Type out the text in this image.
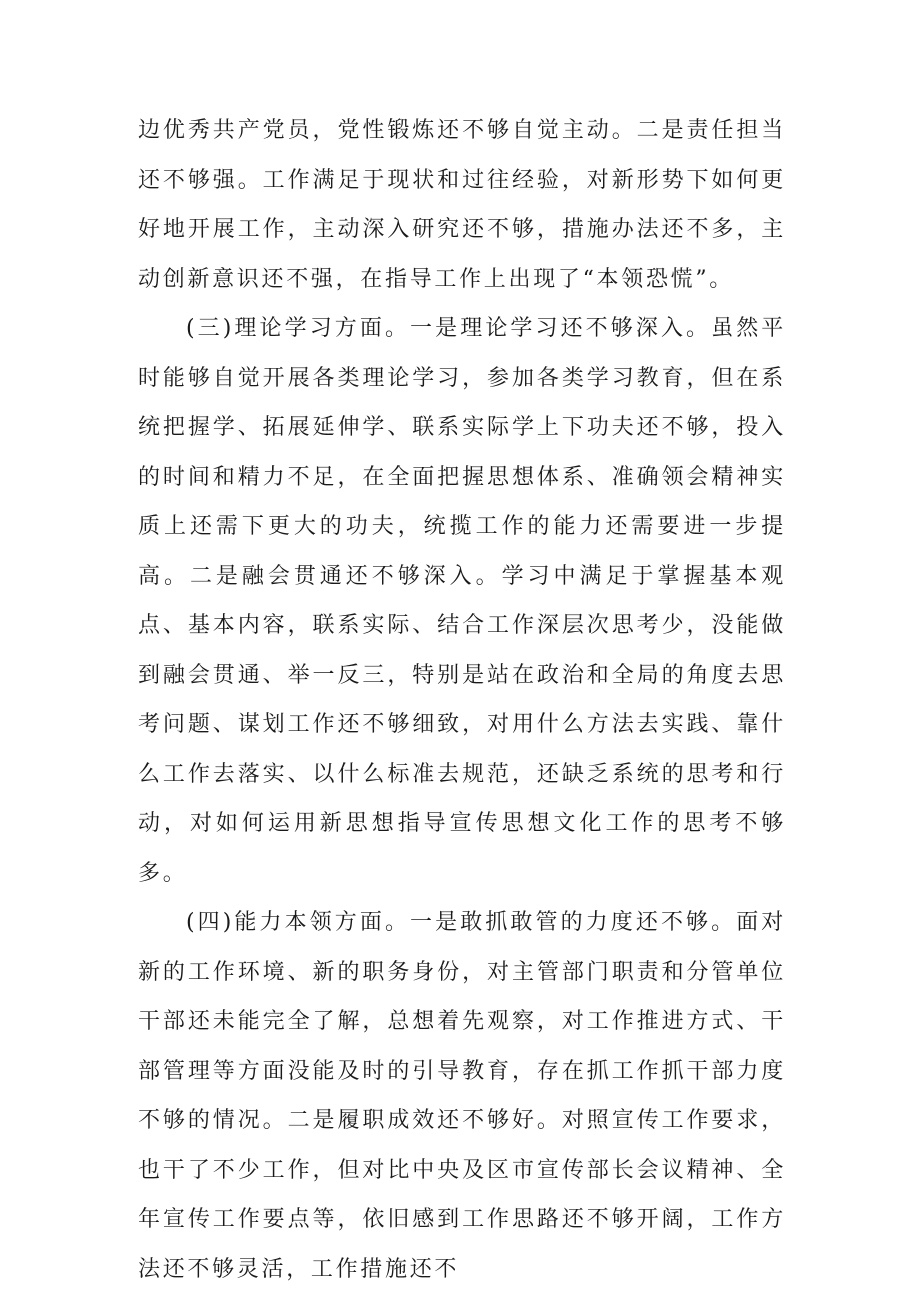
边优秀共产党员，党性锻炼还不够自觉主动。二是责任担当还不够强。工作满足于现状和过往经验，对新形势下如何更好地开展工作，主动深入研究还不够，措施办法还不多，主动创新意识还不强，在指导工作上出现了“本领恐慌”。

(三)理论学习方面。一是理论学习还不够深入。虽然平时能够自觉开展各类理论学习，参加各类学习教育，但在系统把握学、拓展延伸学、联系实际学上下功夫还不够，投入的时间和精力不足，在全面把握思想体系、准确领会精神实质上还需下更大的功夫，统揽工作的能力还需要进一步提高。二是融会贯通还不够深入。学习中满足于掌握基本观点、基本内容，联系实际、结合工作深层次思考少，没能做到融会贯通、举一反三，特别是站在政治和全局的角度去思考问题、谋划工作还不够细致，对用什么方法去实践、靠什么工作去落实、以什么标准去规范，还缺乏系统的思考和行动，对如何运用新思想指导宣传思想文化工作的思考不够多。

(四)能力本领方面。一是敢抓敢管的力度还不够。面对新的工作环境、新的职务身份，对主管部门职责和分管单位干部还未能完全了解，总想着先观察，对工作推进方式、干部管理等方面没能及时的引导教育，存在抓工作抓干部力度不够的情况。二是履职成效还不够好。对照宣传工作要求，也干了不少工作，但对比中央及区市宣传部长会议精神、全年宣传工作要点等，依旧感到工作思路还不够开阔，工作方法还不够灵活，工作措施还不
